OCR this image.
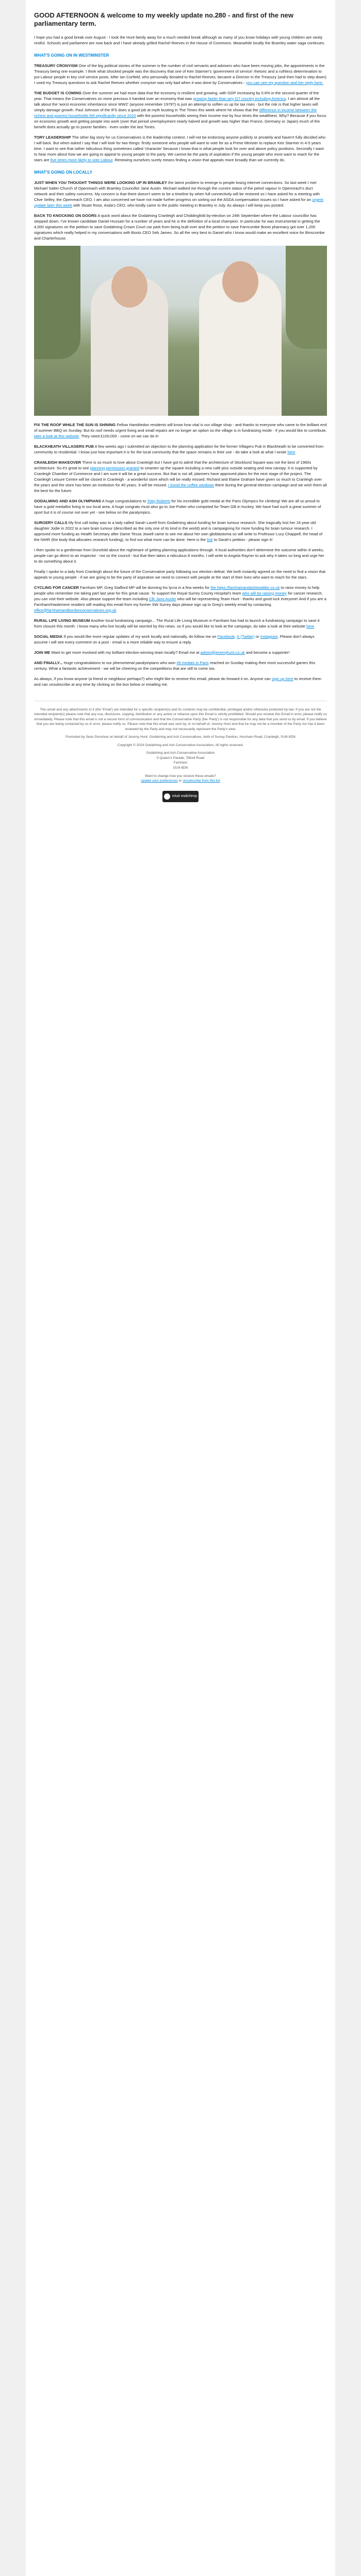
GOOD AFTERNOON & welcome to my weekly update no.280 - and first of the new parliamentary term.

I hope you had a good break over August - I took the Hunt family away for a much needed break although as many of you know holidays with young children are rarely restful. Schools and parliament are now back and I have already grilled Rachel Reeves in the House of Commons. Meanwhile locally the Bramley water saga continues.

WHAT'S GOING ON IN WESTMINSTER

TREASURY CRONYISM One of the big political stories of the summer is the number of civil servants and advisers who have been moving jobs, the appointments in the Treasury being one example. I think what shocked people was the discovery that one of Keir Starmer's 'government of service' rhetoric and a ruthless determination to put Labour people in key civil service posts. After Ian Corfield, who personally donated to Rachel Reeves, became a Director in the Treasury (and then had to step down) I used my Treasury questions to ask Rachel Reeves whether cronyism was only bad when it was done by Conservatives - you can see my question and her reply here.

THE BUDGET IS COMING Over the summer we had more data that the economy is resilient and growing, with GDP increasing by 0.6% in the second quarter of the year. That means the Conservatives on more precious it handed over an economy that was growing faster than any G7 country including America. I am almost all the talk about the 'worst economic inheritance since WW2' (anyone remember 1979?) is just an attempt to soften us up for tax rises - but the risk is that higher taxes will simply damage growth. Paul Johnson of the IFS does a good job at myth busting in The Times this week where he shows that the difference in income between the richest and poorest households fell significantly since 2010 with the poorest households seeing their income rise by four times the wealthiest. Why? Because if you focus on economic growth and getting people into work (over that period unemployment nearly halved and growth was higher than France, Germany or Japan) much of the benefit does actually go to poorer families - even under the last Tories.

TORY LEADERSHIP The other big story for us Conservatives is the leadership contest. I will not be endorsing anyone publicly or privately and haven't fully decided who I will back. But when asked I say that I will look for two things: firstly someone who people will want to vote for as a Prime Minister to replace Keir Starmer in 4-5 years time. I want to see that rather ridiculous thing sometimes called 'character' because I know that is what people look for over and above policy positions. Secondly I want to hear more about how we are going to appeal to young people to the party. We cannot be the party of aspiration if the young people who most want to reach for the stars are five times more likely to vote Labour. Renewing ourselves surely means finding a vision that appeals more broadly than we currently do.

WHAT'S GOING ON LOCALLY

JUST WHEN YOU THOUGHT THINGS WERE LOOKING UP IN BRAMLEY the latest problem to emerge is people losing internet connections. So last week I met Michael Salter-Church of Openreach with Bramley Councillor Jane Austin. Michael walked me through the current status of the petrol vapour in Openreach's duct network and their safety concerns. My concern is that there doesn't seem to be a timeline by when full connectivity will be restored so I have asked for a meeting with Clive Selley, the Openreach CEO. I am also concerned we have not made further progress on sorting out the ASDA compensation issues so I have asked for an urgent update later this week with Stuart Rose, Asda's CEO, who kindly came to the public meeting in Bramley in July. As always I will keep you posted.

BACK TO KNOCKING ON DOORS A quick word about the Godalming Cranleigh and Chiddingfold by-election on 24th September where the Labour councillor has stepped down. I've known candidate Daniel Hussain for a number of years and he is the definition of a local champion. In particular he was instrumental in getting the 4,000 signatures on the petition to save Godalming Crown Court car park from being built over and the petition to save Farncombe Boots pharmacy got over 1,200 signatures which really helped in my conversations with Boots CEO Seb James. So all the very best to Daniel who I know would make an excellent voice for Binscombe and Charterhouse.

FIX THE ROOF WHILE THE SUN IS SHINING Fellow Hambledon residents will know how vital is our village shop - and thanks to everyone who came to the brilliant end of summer BBQ on Sunday. But its roof needs urgent fixing and small repairs are no longer an option so the village is in fundraising mode - if you would like to contribute, take a look at this website. They need £100,000 - come on we can do it!

BLACKHEATH VILLAGERS PUB A few weeks ago I submitted an objection to the planning application for the former Villagers Pub in Blackheath to be converted from community to residential. I know just how important it is for the local community that the space remains in their use - do take a look at what I wrote here

CRANLEIGH MAKEOVER There is so much to love about Cranleigh but I have got to admit that the architecture of Stocklund Square was not the best of 1960s architecture. So it's great to see planning permission granted to smarten up the square including a new café plus outside seating and new canopy. It is supported by Cranleigh Chamber of Commerce and I am sure it will be a great success. But that is not all, planners have approved plans for the next stage of the project. The Cranleigh Leisure Centre will be closed in Cranleigh - a wonderful store which will be really missed. Richard and Elaine Graham have given so much to Cranleigh over the years and the store has been an institution for 40 years. It will be missed. I loved the coffee windows there during the general election campaign and we wish them all the best for the future.

GODALMING AND ASH OLYMPIANS A huge congratulations to Toby Roberts for his incredible gold medal at the Paris Olympics for climbing! We are all so proud to have a gold medallist living in our local area. A huge congrats must also go to Joe Potter who competed for Team GB in hockey. We have had such a great summer of sport but it is of course not over yet - see below on the paralympics.

SURGERY CALLS My first call today was to a lady called Sarah Lavell from Godalming about funding for brain tumour research. She tragically lost her 16 year old daughter Jodie in 2022 to a rare brain tumour (described as the only one of its kind in the world) and is campaigning for more funding for brain tumour research. I approved more funding as Health Secretary after Dame Tessa Jowell came to see me about her own glioblastoma so will write to Professor Lucy Chappell, the head of the NIHR (the body that allocates research funding), to find out what more can be done. Here is the link to Sarah's petition - please sign it!

I then spoke to a gentleman from Dunsfold about the nightmare of getting planning applications through. It local authorities don't determine the outcome within 8 weeks, people can go direct to an inspector - not so the council - but that then takes a ridiculous 8 months. I will write to Angela Rayner to ask why it takes so long and urge her to do something about it.

Finally I spoke to a lady from Cranleigh about the future of the Conservative party following our election defeat. We both instantly agreed on the need to find a vision that appeals to young people - if we are going to be the party of aspiration we need to connect with people at the start of their lives who want to reach for the stars.

CYCLING FOR CANCER Farnham MP, Greg Stafford MP will be donning his lycra in a few weeks for the https://farnhamandashtowbike.co.uk to raise money to help people who remember me taking part last year for this great cause. To support the Royal Surrey County Hospital's team who will be raising money for cancer research, you can visit their website. Also please support the team including Cllr Jane Austin who will be representing Team Hunt - thanks and good luck everyone! And if you are a Farnham/Haslemere resident still reading this email from my former SW Surrey days please sign up to Greg's weekly email by contacting office@farnhamandbordonconservatives.org.uk

RURAL LIFE LIVING MUSEUM Another local fundraising campaign... The Rural Life Living Museum in Farnham has had to launch a fundraising campaign to save it from closure this month. I know many who live locally will be worried by this news. so if you would like to look at the campaign, do take a look at their website here

SOCIAL MEDIA If you would like more regular updates of my work locally and nationally, do follow me on Facebook, X (Twitter) or Instagram. Please don't always assume I will see every comment on a post - email is a more reliable way to ensure a reply.

JOIN ME Want to get more involved with my brilliant election-winning team locally? Email me at admin@jeremyhunt.co.uk and become a supporter!

AND FINALLY... Huge congratulations to our phenomenal paralympians who won 49 medals in Paris reached on Sunday making their most successful games this century. What a fantastic achievement - we will be cheering on the competitions that are still to come too.

As always, if you know anyone (a friend or neighbour perhaps?) who might like to receive this email, please do forward it on. Anyone can sign up here to receive them and can unsubscribe at any time by clicking on the box below or emailing me.

This email and any attachments to it (the 'Email') are intended for a specific recipient(s) and its contents may be confidential, privileged and/or otherwise protected by law. If you are not the intended recipient(s) please note that any use, disclosure, copying, distribution or any action or reliance upon this Email is strictly prohibited. Should you receive this Email in error, please notify us immediately. Please note that this email is not a secure form of communication and that the Conservative Party (the 'Party') is not responsible for any data that you send us by email. If you believe that you are being contacted by us in error, please notify us. Please note that this email was sent by, or on behalf of, Jeremy Hunt and that he may not be a member of the Party nor has it been reviewed by the Party and may not necessarily represent the Party's view.

Promoted by Sean Donohoe on behalf of Jeremy Hunt, Godalming and Ash Conservatives, both of Surrey Pavilion, Horsham Road, Cranleigh, GU6 8DN

Copyright © 2024 Godalming and Ash Conservative Association, All rights reserved.

Godalming and Ash Conservative Association
5 Queen's Parade, Tilford Road
Farnham
GU9 8DN

Want to change how you receive these emails?
update your preferences or unsubscribe from this list

intuit mailchimp
